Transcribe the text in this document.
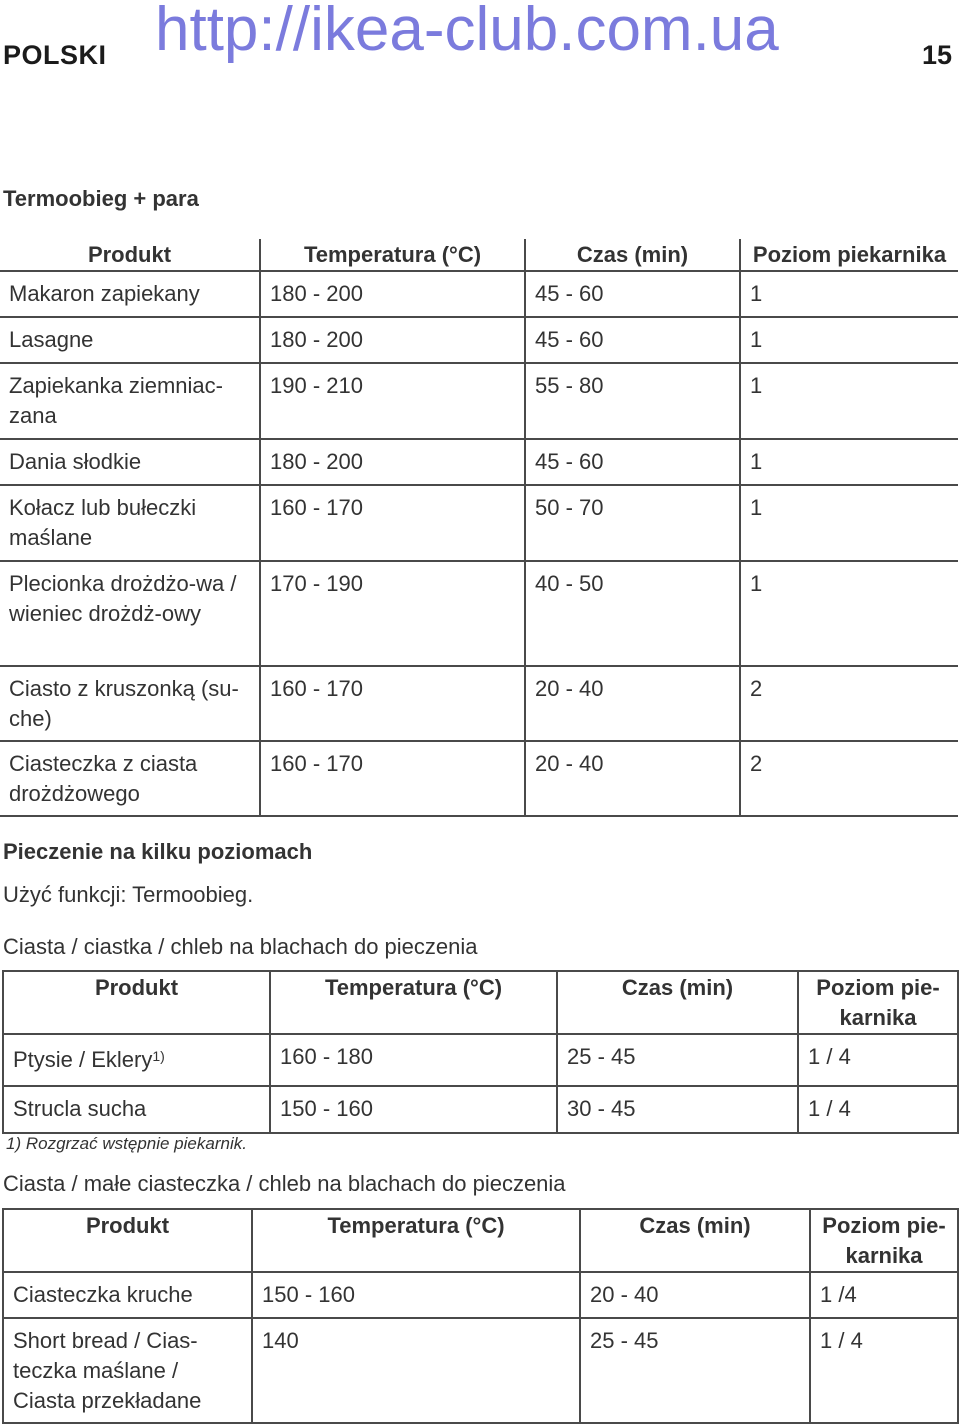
POLSKI http://ikea-club.com.ua	15
Termoobieg + para
Produkt	Temperatura (°C)	Czas (min)	Poziom piekarnika
Makaron zapiekany	180 - 200	45 - 60	1
Lasagne	180 - 200	45 - 60	1
Zapiekanka ziemniac-zana	190 - 210	55 - 80	1
Dania słodkie	180 - 200	45 - 60	1
Kołacz lub bułeczki maślane	160 - 170	50 - 70	1
Plecionka drożdżo-wa / wieniec drożdż-owy	170 - 190	40 - 50	1
Ciasto z kruszonką (su-che)	160 - 170	20 - 40	2
Ciasteczka z ciasta drożdżowego	160 - 170	20 - 40	2
Pieczenie na kilku poziomach
Użyć funkcji: Termoobieg.
Ciasta / ciastka / chleb na blachach do pieczenia
Produkt	Temperatura (°C)	Czas (min)	Poziom pie-karnika
Ptysie / Eklery$^{1)}$	160 - 180	25 - 45	1 / 4
Strucla sucha	150 - 160	30 - 45	1 / 4
1) Rozgrzać wstępnie piekarnik.
Ciasta / małe ciasteczka / chleb na blachach do pieczenia
Produkt	Temperatura (°C)	Czas (min)	Poziom pie-karnika
Ciasteczka kruche	150 - 160	20 - 40	1 /4
Short bread / Cias-teczka maślane / Ciasta przekładane	140	25 - 45	1 / 4
